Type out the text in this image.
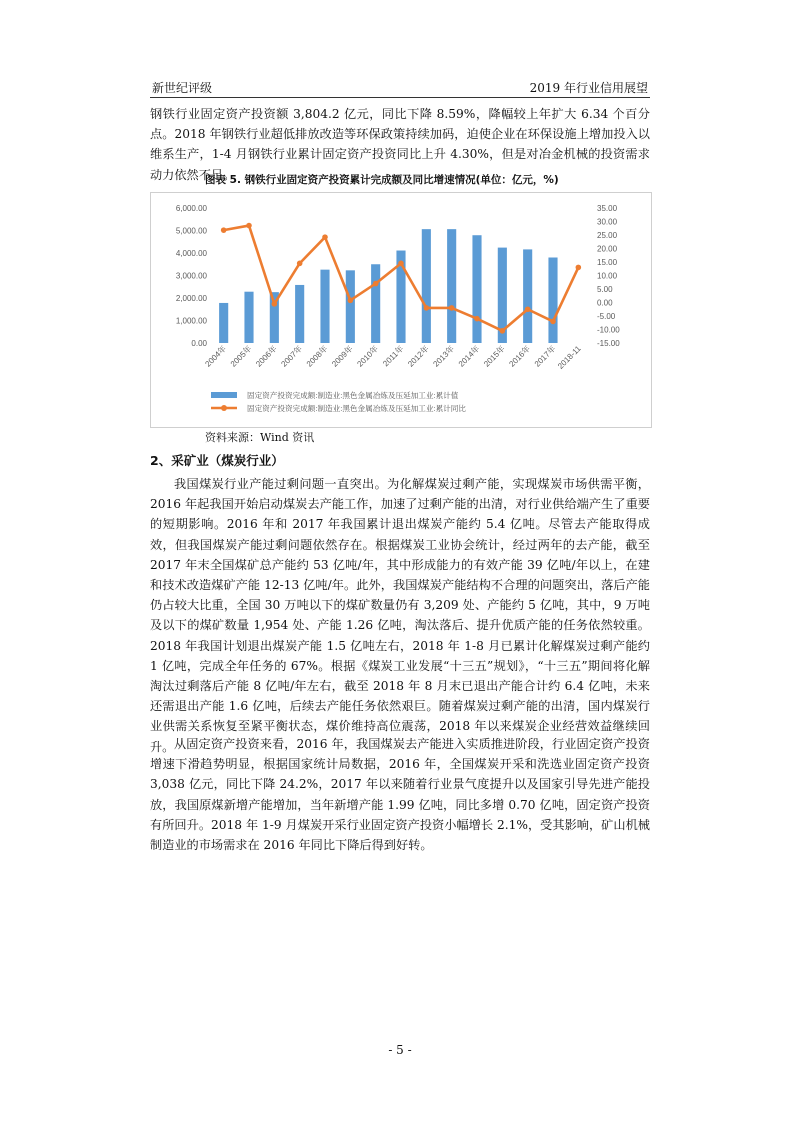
新世纪评级	2019 年行业信用展望

钢铁行业固定资产投资额 3,804.2 亿元，同比下降 8.59%，降幅较上年扩大 6.34 个百分点。2018 年钢铁行业超低排放改造等环保政策持续加码，迫使企业在环保设施上增加投入以维系生产，1-4 月钢铁行业累计固定资产投资同比上升 4.30%，但是对冶金机械的投资需求动力依然不足。

图表 5. 钢铁行业固定资产投资累计完成额及同比增速情况(单位：亿元，%)
0.00
1,000.00
2,000.00
3,000.00
4,000.00
5,000.00
6,000.00
-15.00
-10.00
-5.00
0.00
5.00
10.00
15.00
20.00
25.00
30.00
35.00
2004年 2005年 2006年 2007年 2008年 2009年 2010年 2011年 2012年 2013年 2014年 2015年 2016年 2017年
2018-11
固定资产投资完成额:制造业:黑色金属冶炼及压延加工业:累计值
固定资产投资完成额:制造业:黑色金属冶炼及压延加工业:累计同比
资料来源：Wind 资讯
2、采矿业（煤炭行业）

我国煤炭行业产能过剩问题一直突出。为化解煤炭过剩产能，实现煤炭市场供需平衡，2016 年起我国开始启动煤炭去产能工作，加速了过剩产能的出清，对行业供给端产生了重要的短期影响。2016 年和 2017 年我国累计退出煤炭产能约 5.4 亿吨。尽管去产能取得成效，但我国煤炭产能过剩问题依然存在。根据煤炭工业协会统计，经过两年的去产能，截至 2017 年末全国煤矿总产能约 53 亿吨/年，其中形成能力的有效产能 39 亿吨/年以上，在建和技术改造煤矿产能 12-13 亿吨/年。此外，我国煤炭产能结构不合理的问题突出，落后产能仍占较大比重，全国 30 万吨以下的煤矿数量仍有 3,209 处、产能约 5 亿吨，其中，9 万吨及以下的煤矿数量 1,954 处、产能 1.26 亿吨，淘汰落后、提升优质产能的任务依然较重。2018 年我国计划退出煤炭产能 1.5 亿吨左右，2018 年 1-8 月已累计化解煤炭过剩产能约 1 亿吨，完成全年任务的 67%。根据《煤炭工业发展“十三五”规划》，“十三五”期间将化解淘汰过剩落后产能 8 亿吨/年左右，截至 2018 年 8 月末已退出产能合计约 6.4 亿吨，未来还需退出产能 1.6 亿吨，后续去产能任务依然艰巨。随着煤炭过剩产能的出清，国内煤炭行业供需关系恢复至紧平衡状态，煤价维持高位震荡，2018 年以来煤炭企业经营效益继续回升。 从固定资产投资来看，2016 年，我国煤炭去产能进入实质推进阶段，行业固定资产投资增速下滑趋势明显，根据国家统计局数据，2016 年，全国煤炭开采和洗选业固定资产投资 3,038 亿元，同比下降 24.2%，2017 年以来随着行业景气度提升以及国家引导先进产能投放，我国原煤新增产能增加，当年新增产能 1.99 亿吨，同比多增 0.70 亿吨，固定资产投资有所回升。2018 年 1-9 月煤炭开采行业固定资产投资小幅增长 2.1%，受其影响，矿山机械制造业的市场需求在 2016 年同比下降后得到好转。

- 5 -
